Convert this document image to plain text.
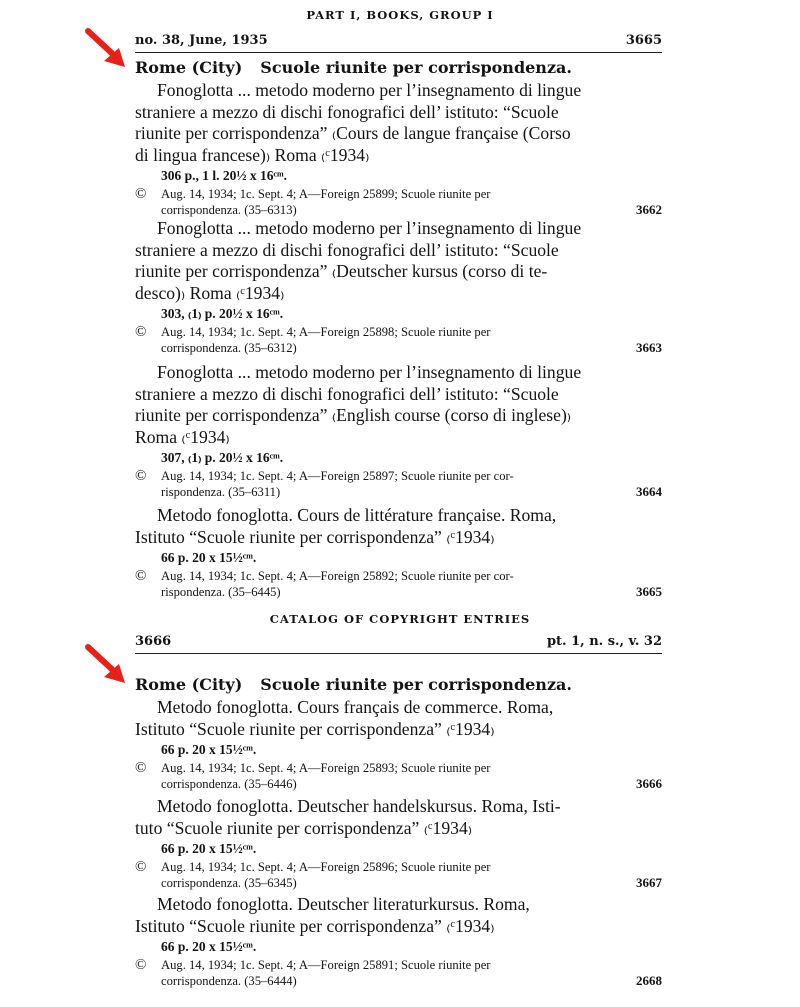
PART I, BOOKS, GROUP I
no. 38, June, 1935	3665
Rome (City) Scuole riunite per corrispondenza.

Fonoglotta ... metodo moderno per l’insegnamento di lingue
straniere a mezzo di dischi fonografici dell’ istituto: “Scuole
riunite per corrispondenza” ₍Cours de langue française (Corso
di lingua francese)₎ Roma ₍ᶜ1934₎

306 p., 1 l. 20½ x 16ᶜᵐ.
© Aug. 14, 1934; 1c. Sept. 4; A—Foreign 25899; Scuole riunite per
corrispondenza. (35–6313)	3662

Fonoglotta ... metodo moderno per l’insegnamento di lingue
straniere a mezzo di dischi fonografici dell’ istituto: “Scuole
riunite per corrispondenza” ₍Deutscher kursus (corso di te-
desco)₎ Roma ₍ᶜ1934₎

303, ₍1₎ p. 20½ x 16ᶜᵐ.
© Aug. 14, 1934; 1c. Sept. 4; A—Foreign 25898; Scuole riunite per
corrispondenza. (35–6312)	3663

Fonoglotta ... metodo moderno per l’insegnamento di lingue
straniere a mezzo di dischi fonografici dell’ istituto: “Scuole
riunite per corrispondenza” ₍English course (corso di inglese)₎
Roma ₍ᶜ1934₎

307, ₍1₎ p. 20½ x 16ᶜᵐ.
© Aug. 14, 1934; 1c. Sept. 4; A—Foreign 25897; Scuole riunite per cor-
rispondenza. (35–6311)	3664

Metodo fonoglotta. Cours de littérature française. Roma,
Istituto “Scuole riunite per corrispondenza” ₍ᶜ1934₎

66 p. 20 x 15½ᶜᵐ.
© Aug. 14, 1934; 1c. Sept. 4; A—Foreign 25892; Scuole riunite per cor-
rispondenza. (35–6445)	3665
CATALOG OF COPYRIGHT ENTRIES
3666	pt. 1, n. s., v. 32
Rome (City) Scuole riunite per corrispondenza.

Metodo fonoglotta. Cours français de commerce. Roma,
Istituto “Scuole riunite per corrispondenza” ₍ᶜ1934₎

66 p. 20 x 15½ᶜᵐ.
© Aug. 14, 1934; 1c. Sept. 4; A—Foreign 25893; Scuole riunite per
corrispondenza. (35–6446)	3666

Metodo fonoglotta. Deutscher handelskursus. Roma, Isti-
tuto “Scuole riunite per corrispondenza” ₍ᶜ1934₎

66 p. 20 x 15½ᶜᵐ.
© Aug. 14, 1934; 1c. Sept. 4; A—Foreign 25896; Scuole riunite per
corrispondenza. (35–6345)	3667

Metodo fonoglotta. Deutscher literaturkursus. Roma,
Istituto “Scuole riunite per corrispondenza” ₍ᶜ1934₎

66 p. 20 x 15½ᶜᵐ.
© Aug. 14, 1934; 1c. Sept. 4; A—Foreign 25891; Scuole riunite per
corrispondenza. (35–6444)	2668
